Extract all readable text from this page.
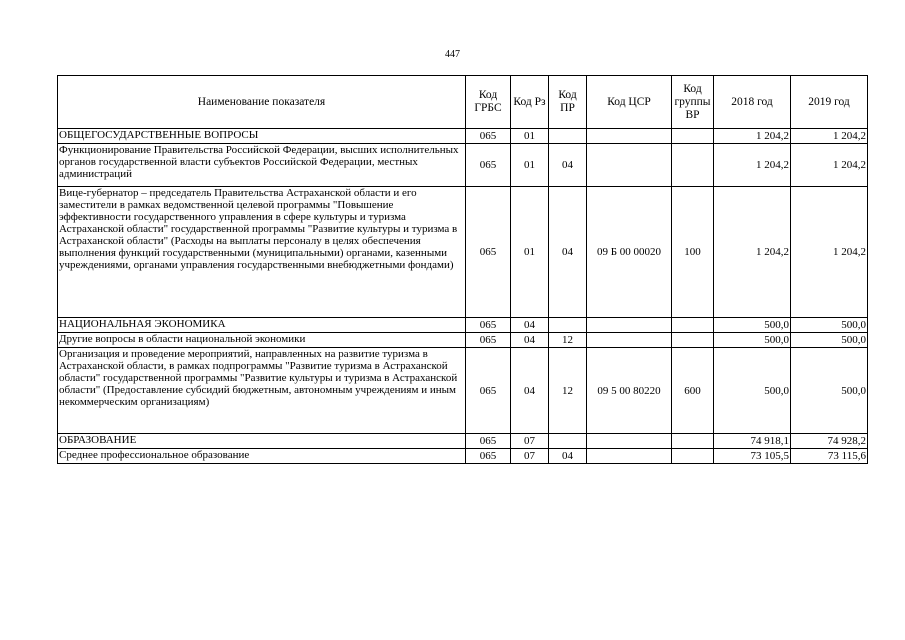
447
Наименование показателя	Код ГРБС	Код Рз	Код ПР	Код ЦСР	Код группы ВР	2018 год	2019 год
ОБЩЕГОСУДАРСТВЕННЫЕ ВОПРОСЫ	065	01				1 204,2	1 204,2
Функционирование Правительства Российской Федерации, высших исполнительных органов государственной власти субъектов Российской Федерации, местных администраций	065	01	04			1 204,2	1 204,2
Вице-губернатор – председатель Правительства Астраханской области и его заместители в рамках ведомственной целевой программы "Повышение эффективности государственного управления в сфере культуры и туризма Астраханской области" государственной программы "Развитие культуры и туризма в Астраханской области" (Расходы на выплаты персоналу в целях обеспечения выполнения функций государственными (муниципальными) органами, казенными учреждениями, органами управления государственными внебюджетными фондами)	065	01	04	09 Б 00 00020	100	1 204,2	1 204,2
НАЦИОНАЛЬНАЯ ЭКОНОМИКА	065	04				500,0	500,0
Другие вопросы в области национальной экономики	065	04	12			500,0	500,0
Организация и проведение мероприятий, направленных на развитие туризма в Астраханской области, в рамках подпрограммы "Развитие туризма в Астраханской области" государственной программы "Развитие культуры и туризма в Астраханской области" (Предоставление субсидий бюджетным, автономным учреждениям и иным некоммерческим организациям)	065	04	12	09 5 00 80220	600	500,0	500,0
ОБРАЗОВАНИЕ	065	07				74 918,1	74 928,2
Среднее профессиональное образование	065	07	04			73 105,5	73 115,6
